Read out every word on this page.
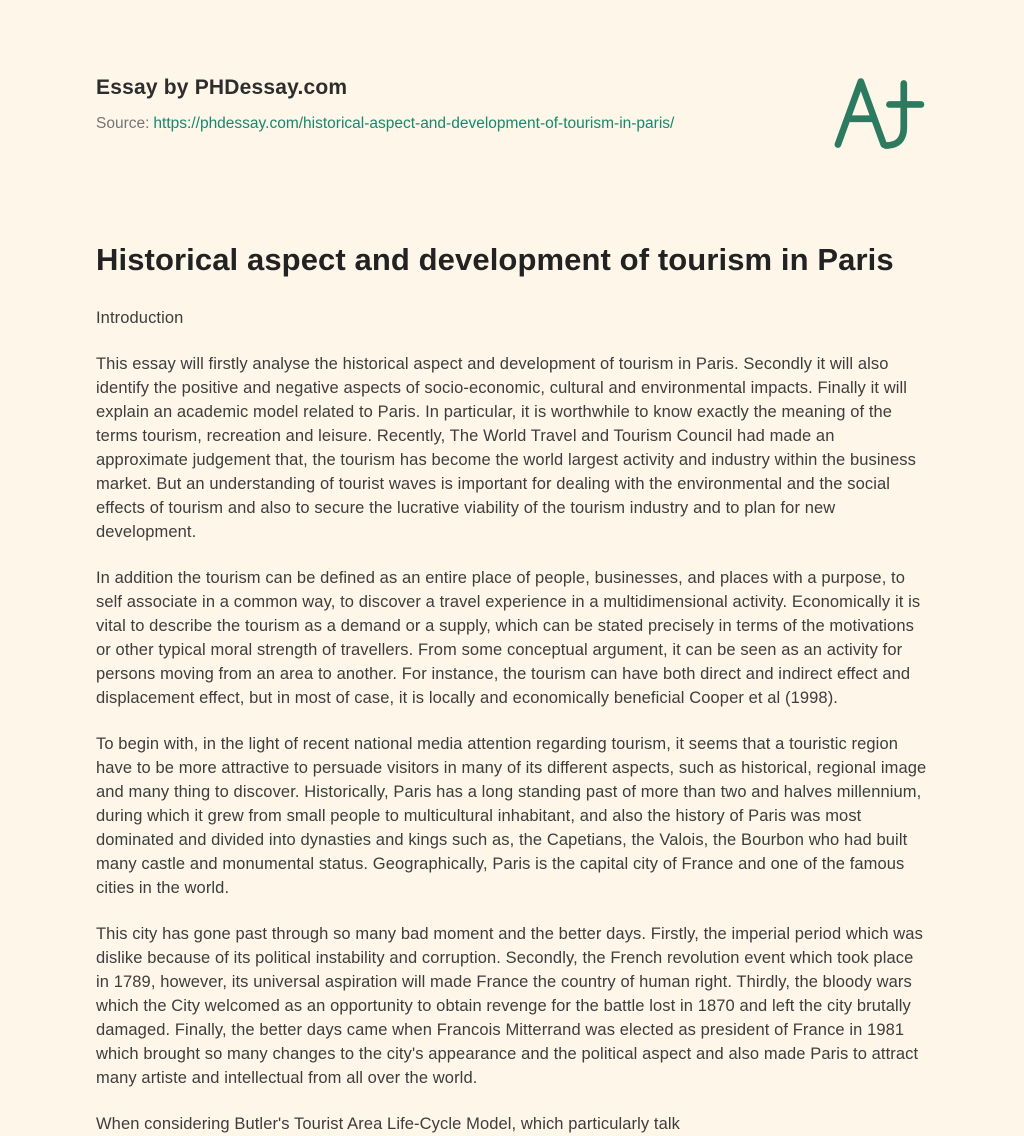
Essay by PHDessay.com

Source: https://phdessay.com/historical-aspect-and-development-of-tourism-in-paris/

Historical aspect and development of tourism in Paris

Introduction

This essay will firstly analyse the historical aspect and development of tourism in Paris. Secondly it will also identify the positive and negative aspects of socio-economic, cultural and environmental impacts. Finally it will explain an academic model related to Paris. In particular, it is worthwhile to know exactly the meaning of the terms tourism, recreation and leisure. Recently, The World Travel and Tourism Council had made an approximate judgement that, the tourism has become the world largest activity and industry within the business market. But an understanding of tourist waves is important for dealing with the environmental and the social effects of tourism and also to secure the lucrative viability of the tourism industry and to plan for new development.

In addition the tourism can be defined as an entire place of people, businesses, and places with a purpose, to self associate in a common way, to discover a travel experience in a multidimensional activity. Economically it is vital to describe the tourism as a demand or a supply, which can be stated precisely in terms of the motivations or other typical moral strength of travellers. From some conceptual argument, it can be seen as an activity for persons moving from an area to another. For instance, the tourism can have both direct and indirect effect and displacement effect, but in most of case, it is locally and economically beneficial Cooper et al (1998).

To begin with, in the light of recent national media attention regarding tourism, it seems that a touristic region have to be more attractive to persuade visitors in many of its different aspects, such as historical, regional image and many thing to discover. Historically, Paris has a long standing past of more than two and halves millennium, during which it grew from small people to multicultural inhabitant, and also the history of Paris was most dominated and divided into dynasties and kings such as, the Capetians, the Valois, the Bourbon who had built many castle and monumental status. Geographically, Paris is the capital city of France and one of the famous cities in the world.

This city has gone past through so many bad moment and the better days. Firstly, the imperial period which was dislike because of its political instability and corruption. Secondly, the French revolution event which took place in 1789, however, its universal aspiration will made France the country of human right. Thirdly, the bloody wars which the City welcomed as an opportunity to obtain revenge for the battle lost in 1870 and left the city brutally damaged. Finally, the better days came when Francois Mitterrand was elected as president of France in 1981 which brought so many changes to the city's appearance and the political aspect and also made Paris to attract many artiste and intellectual from all over the world.

When considering Butler's Tourist Area Life-Cycle Model, which particularly talk
